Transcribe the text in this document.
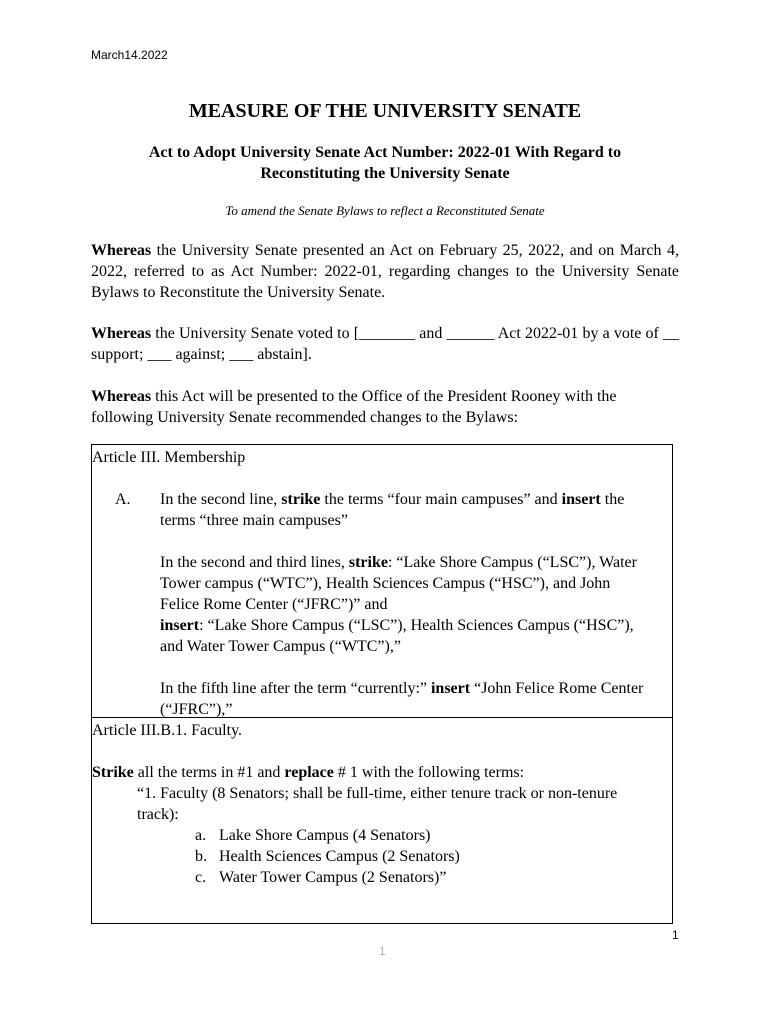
March14.2022
MEASURE OF THE UNIVERSITY SENATE
Act to Adopt University Senate Act Number: 2022-01 With Regard to
Reconstituting the University Senate
To amend the Senate Bylaws to reflect a Reconstituted Senate
Whereas the University Senate presented an Act on February 25, 2022, and on March 4, 2022, referred to as Act Number: 2022-01, regarding changes to the University Senate Bylaws to Reconstitute the University Senate.
Whereas the University Senate voted to [_______ and ______ Act 2022-01 by a vote of __ support; ___ against; ___ abstain].
Whereas this Act will be presented to the Office of the President Rooney with the
following University Senate recommended changes to the Bylaws:
Article III. Membership
A. In the second line, strike the terms “four main campuses” and insert the
terms “three main campuses”
In the second and third lines, strike: “Lake Shore Campus (“LSC”), Water
Tower campus (“WTC”), Health Sciences Campus (“HSC”), and John
Felice Rome Center (“JFRC”)” and
insert: “Lake Shore Campus (“LSC”), Health Sciences Campus (“HSC”),
and Water Tower Campus (“WTC”),”
In the fifth line after the term “currently:” insert “John Felice Rome Center
(“JFRC”),”
Article III.B.1. Faculty.
Strike all the terms in #1 and replace # 1 with the following terms:
“1. Faculty (8 Senators; shall be full-time, either tenure track or non-tenure
track):
a. Lake Shore Campus (4 Senators)
b. Health Sciences Campus (2 Senators)
c. Water Tower Campus (2 Senators)”
1
1
